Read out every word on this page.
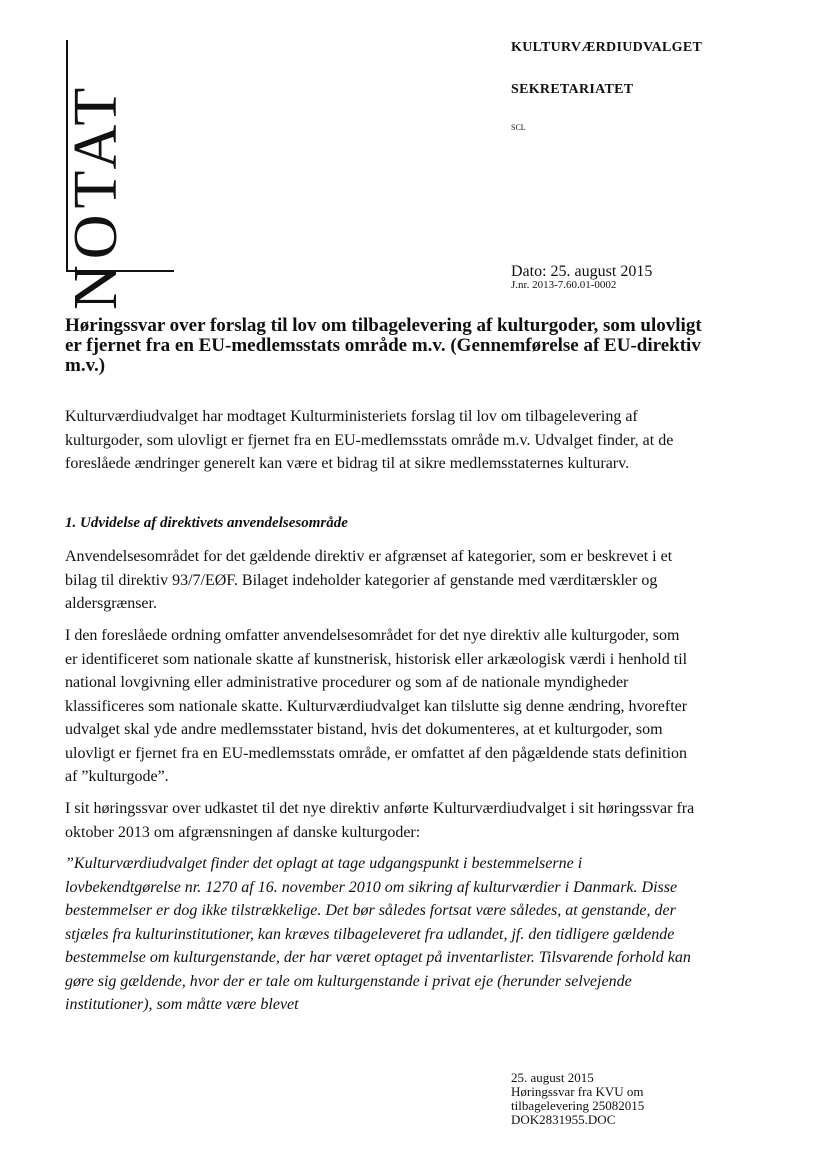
NOTAT
KULTURVÆRDIUDVALGET
SEKRETARIATET
SCL
Dato: 25. august 2015
J.nr. 2013-7.60.01-0002
Høringssvar over forslag til lov om tilbagelevering af kulturgoder, som ulovligt er fjernet fra en EU-medlemsstats område m.v. (Gennemførelse af EU-direktiv m.v.)

Kulturværdiudvalget har modtaget Kulturministeriets forslag til lov om tilbagelevering af kulturgoder, som ulovligt er fjernet fra en EU-medlemsstats område m.v. Udvalget finder, at de foreslåede ændringer generelt kan være et bidrag til at sikre medlemsstaternes kulturarv.

1. Udvidelse af direktivets anvendelsesområde

Anvendelsesområdet for det gældende direktiv er afgrænset af kategorier, som er beskrevet i et bilag til direktiv 93/7/EØF. Bilaget indeholder kategorier af genstande med værditærskler og aldersgrænser.

I den foreslåede ordning omfatter anvendelsesområdet for det nye direktiv alle kulturgoder, som er identificeret som nationale skatte af kunstnerisk, historisk eller arkæologisk værdi i henhold til national lovgivning eller administrative procedurer og som af de nationale myndigheder klassificeres som nationale skatte. Kulturværdiudvalget kan tilslutte sig denne ændring, hvorefter udvalget skal yde andre medlemsstater bistand, hvis det dokumenteres, at et kulturgoder, som ulovligt er fjernet fra en EU-medlemsstats område, er omfattet af den pågældende stats definition af ”kulturgode”.

I sit høringssvar over udkastet til det nye direktiv anførte Kulturværdiudvalget i sit høringssvar fra oktober 2013 om afgrænsningen af danske kulturgoder:

”Kulturværdiudvalget finder det oplagt at tage udgangspunkt i bestemmelserne i lovbekendtgørelse nr. 1270 af 16. november 2010 om sikring af kulturværdier i Danmark. Disse bestemmelser er dog ikke tilstrækkelige. Det bør således fortsat være således, at genstande, der stjæles fra kulturinstitutioner, kan kræves tilbageleveret fra udlandet, jf. den tidligere gældende bestemmelse om kulturgenstande, der har været optaget på inventarlister. Tilsvarende forhold kan gøre sig gældende, hvor der er tale om kulturgenstande i privat eje (herunder selvejende institutioner), som måtte være blevet

25. august 2015
Høringssvar fra KVU om
tilbagelevering 25082015
DOK2831955.DOC
